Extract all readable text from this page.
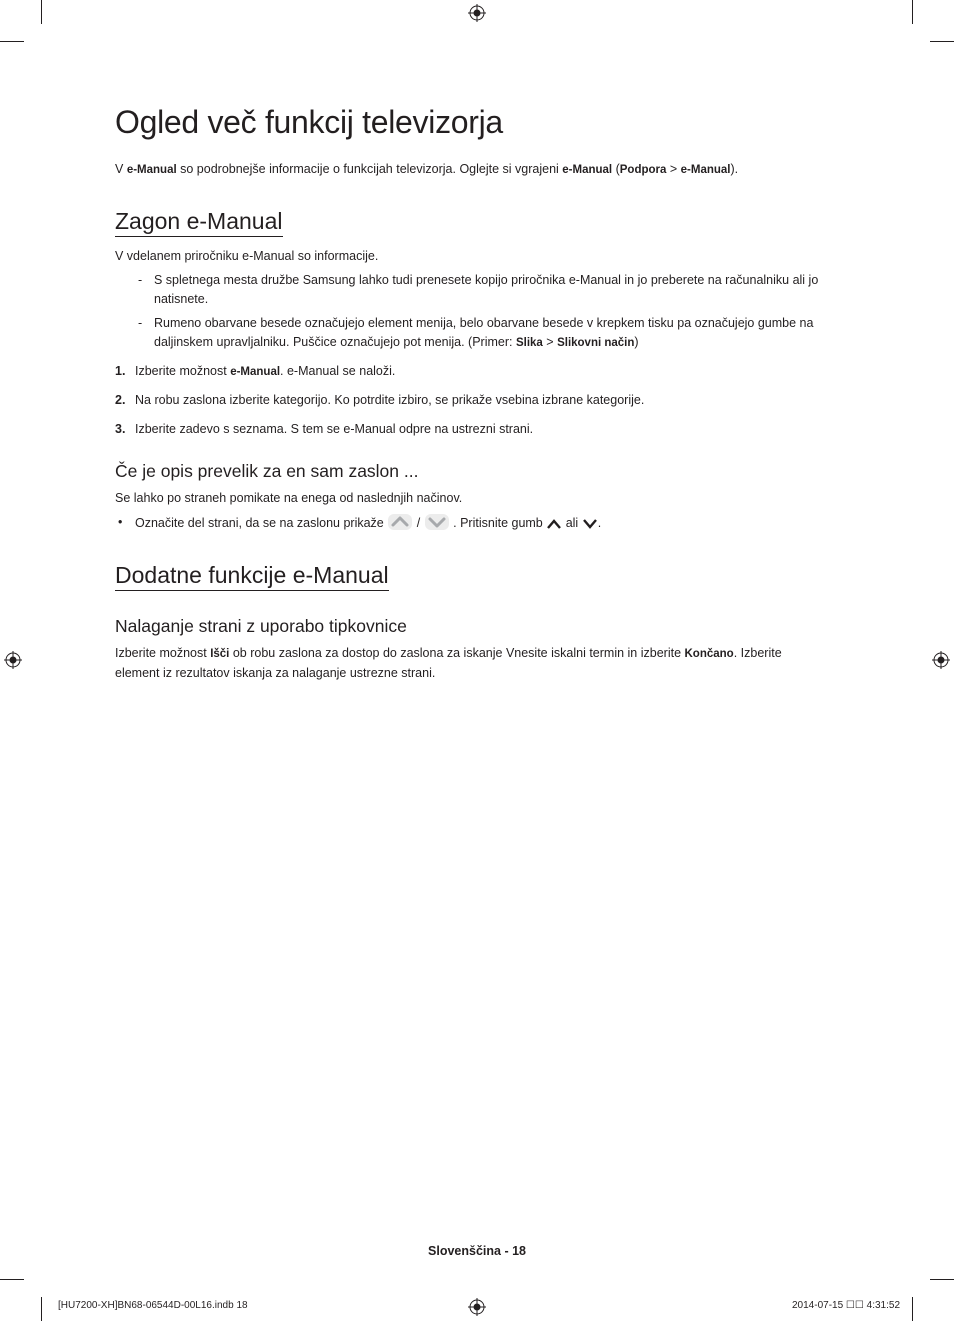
Ogled več funkcij televizorja

V e-Manual so podrobnejše informacije o funkcijah televizorja. Oglejte si vgrajeni e-Manual (Podpora > e-Manual).

Zagon e-Manual

V vdelanem priročniku e-Manual so informacije.

- S spletnega mesta družbe Samsung lahko tudi prenesete kopijo priročnika e-Manual in jo preberete na računalniku ali jo natisnete.

- Rumeno obarvane besede označujejo element menija, belo obarvane besede v krepkem tisku pa označujejo gumbe na daljinskem upravljalniku. Puščice označujejo pot menija. (Primer: Slika > Slikovni način)

1. Izberite možnost e-Manual. e-Manual se naloži.

2. Na robu zaslona izberite kategorijo. Ko potrdite izbiro, se prikaže vsebina izbrane kategorije.

3. Izberite zadevo s seznama. S tem se e-Manual odpre na ustrezni strani.

Če je opis prevelik za en sam zaslon ...

Se lahko po straneh pomikate na enega od naslednjih načinov.

• Označite del strani, da se na zaslonu prikaže  /  . Pritisnite gumb  ali .

Dodatne funkcije e-Manual
Nalaganje strani z uporabo tipkovnice

Izberite možnost Išči ob robu zaslona za dostop do zaslona za iskanje Vnesite iskalni termin in izberite Končano. Izberite element iz rezultatov iskanja za nalaganje ustrezne strani.

Slovenščina - 18
[HU7200-XH]BN68-06544D-00L16.indb 18	2014-07-15 ☐☐ 4:31:52
